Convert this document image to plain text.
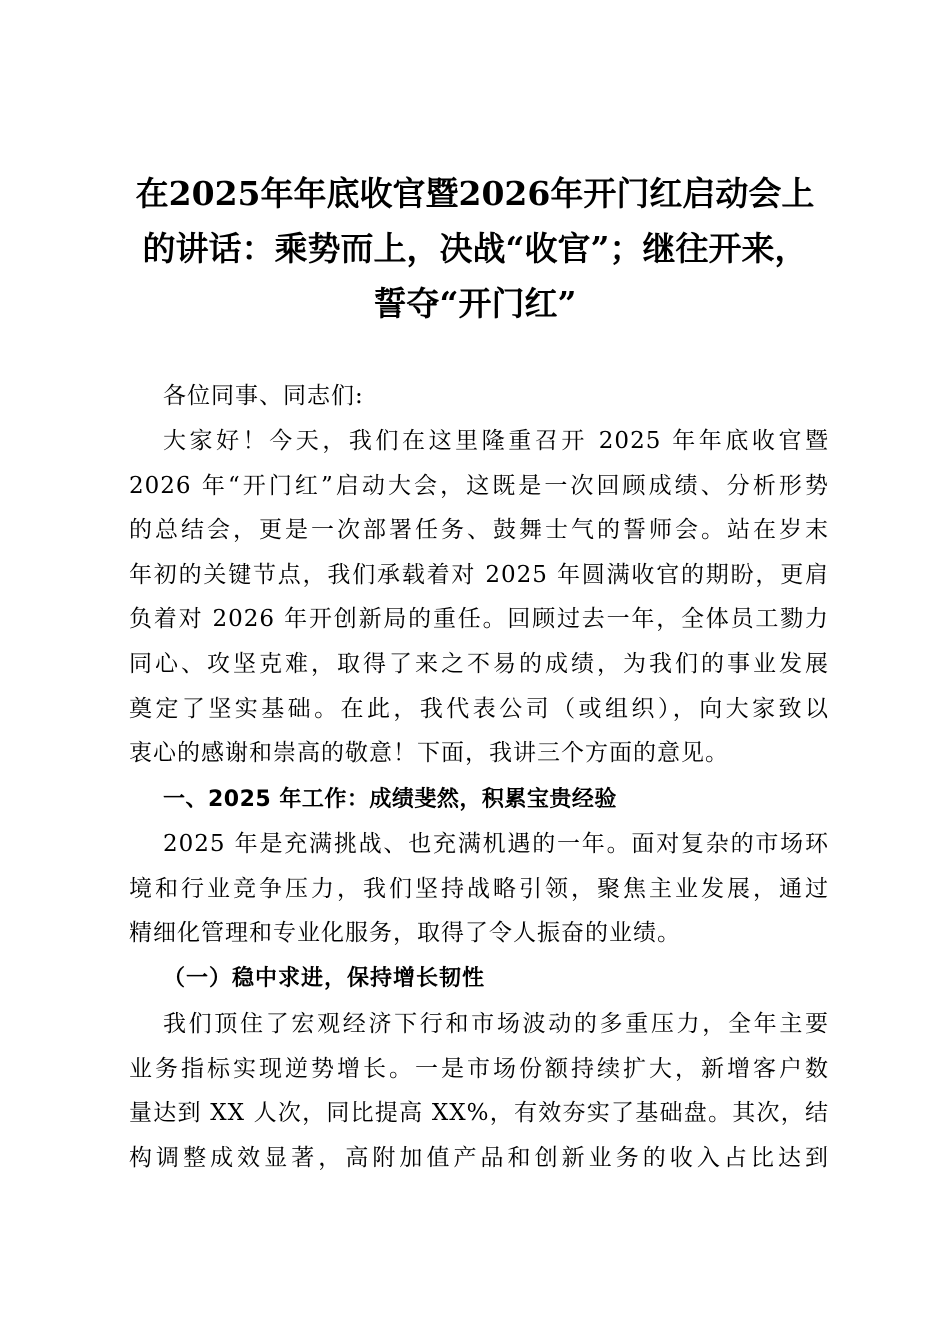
在2025年年底收官暨2026年开门红启动会上
的讲话：乘势而上，决战“收官”；继往开来，
誓夺“开门红”

各位同事、同志们:

大家好！今天，我们在这里隆重召开 2025 年年底收官暨
2026 年“开门红”启动大会，这既是一次回顾成绩、分析形势
的总结会，更是一次部署任务、鼓舞士气的誓师会。站在岁末
年初的关键节点，我们承载着对 2025 年圆满收官的期盼，更肩
负着对 2026 年开创新局的重任。回顾过去一年，全体员工勠力
同心、攻坚克难，取得了来之不易的成绩，为我们的事业发展
奠定了坚实基础。在此，我代表公司（或组织），向大家致以
衷心的感谢和崇高的敬意！下面，我讲三个方面的意见。
一、2025 年工作：成绩斐然，积累宝贵经验
2025 年是充满挑战、也充满机遇的一年。面对复杂的市场环
境和行业竞争压力，我们坚持战略引领，聚焦主业发展，通过
精细化管理和专业化服务，取得了令人振奋的业绩。
（一）稳中求进，保持增长韧性
我们顶住了宏观经济下行和市场波动的多重压力，全年主要
业务指标实现逆势增长。一是市场份额持续扩大，新增客户数
量达到 XX 人次，同比提高 XX%，有效夯实了基础盘。其次，结
构调整成效显著，高附加值产品和创新业务的收入占比达到
